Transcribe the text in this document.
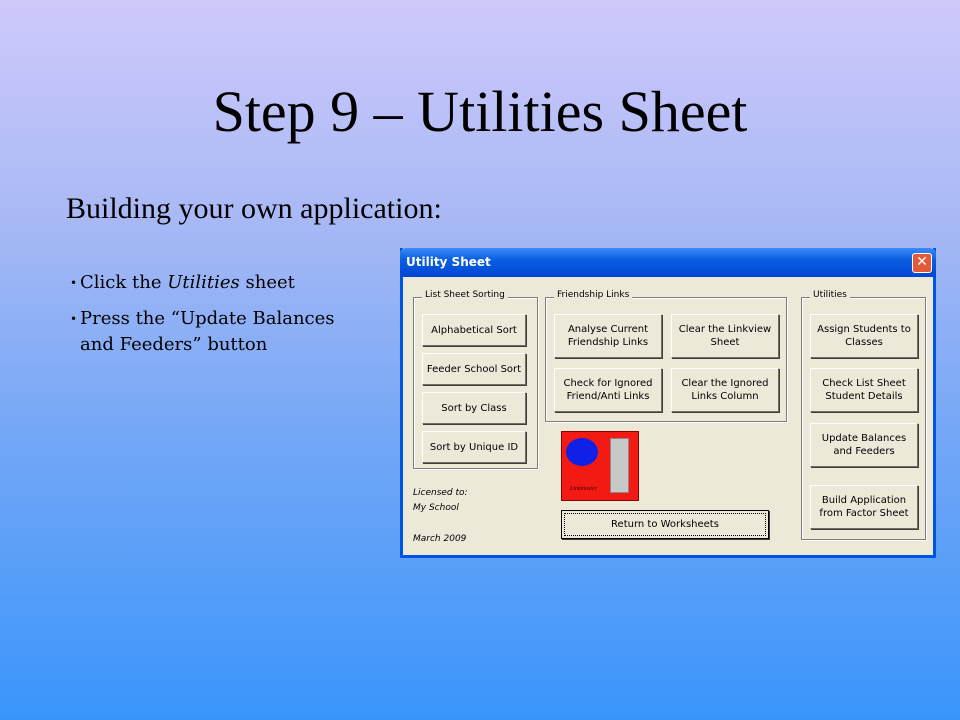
Step 9 – Utilities Sheet
Building your own application:
• Click the Utilities sheet
• Press the “Update Balances and Feeders” button
Utility Sheet	✕
List Sheet Sorting
Alphabetical Sort
Feeder School Sort
Sort by Class
Sort by Unique ID
Friendship Links
Analyse Current Friendship Links
Clear the Linkview Sheet
Check for Ignored Friend/Anti Links
Clear the Ignored Links Column
Linkmaster
Return to Worksheets
Licensed to:
My School
March 2009
Utilities
Assign Students to Classes
Check List Sheet Student Details
Update Balances and Feeders
Build Application from Factor Sheet
